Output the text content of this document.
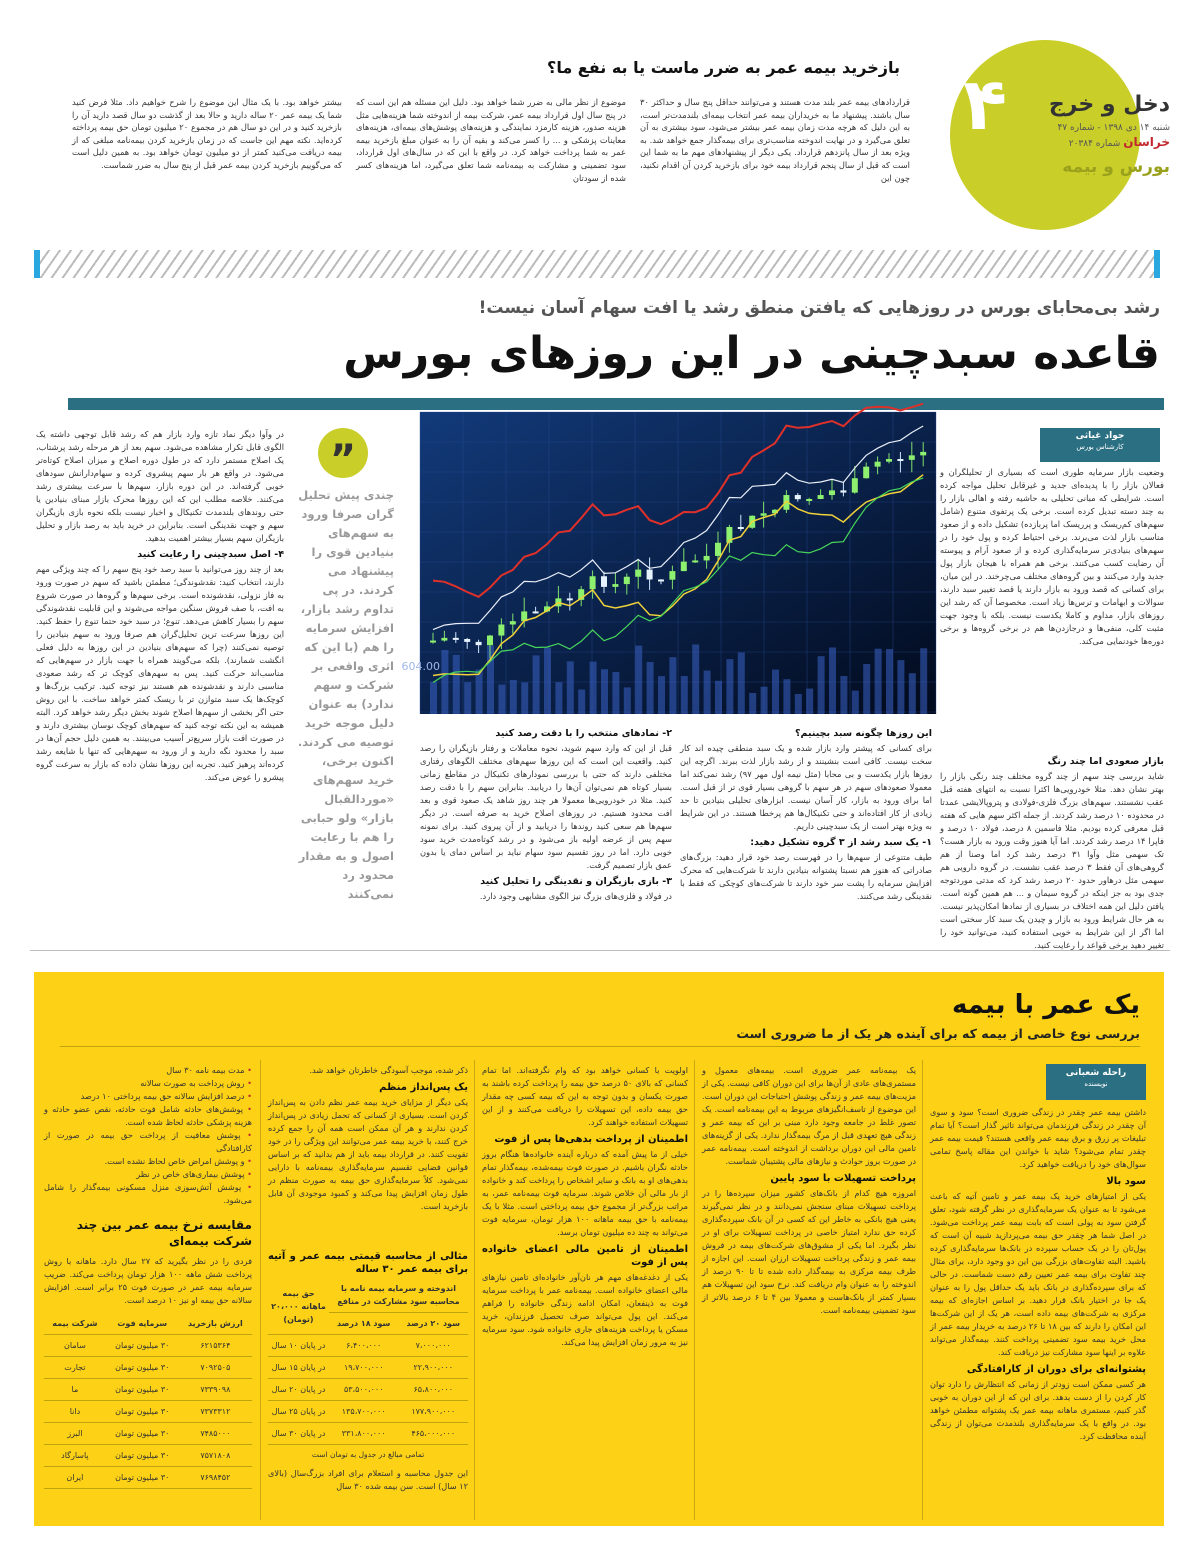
۴	دخل و خرج
شنبه ۱۴ دی ۱۳۹۸ - شماره ۴۷
خراسان شماره ۲۰۳۸۴
بورس و بیمه
بازخرید بیمه عمر به ضرر ماست یا به نفع ما؟
قراردادهای بیمه عمر بلند مدت هستند و می‌توانند حداقل پنج سال و حداکثر ۳۰ سال باشند. پیشنهاد ما به خریداران بیمه عمر انتخاب بیمه‌ای بلندمدت‌تر است، به این دلیل که هرچه مدت زمان بیمه عمر بیشتر می‌شود، سود بیشتری به آن تعلق می‌گیرد و در نهایت اندوخته مناسب‌تری برای بیمه‌گذار جمع خواهد شد. به ویژه بعد از سال پانزدهم قرارداد. یکی دیگر از پیشنهادهای مهم ما به شما این است که قبل از سال پنجم قرارداد بیمه خود برای بازخرید کردن آن اقدام نکنید، چون این
موضوع از نظر مالی به ضرر شما خواهد بود. دلیل این مسئله هم این است که در پنج سال اول قرارداد بیمه عمر، شرکت بیمه از اندوخته شما هزینه‌هایی مثل هزینه صدور، هزینه کارمزد نمایندگی و هزینه‌های پوشش‌های بیمه‌ای، هزینه‌های معاینات پزشکی و ... را کسر می‌کند و بقیه آن را به عنوان مبلغ بازخرید بیمه عمر به شما پرداخت خواهد کرد. در واقع با این که در سال‌های اول قرارداد، سود تضمینی و مشارکت به بیمه‌نامه شما تعلق می‌گیرد، اما هزینه‌های کسر شده از سودتان
بیشتر خواهد بود. با یک مثال این موضوع را شرح خواهیم داد. مثلا فرض کنید شما یک بیمه عمر ۲۰ ساله دارید و حالا بعد از گذشت دو سال قصد دارید آن را بازخرید کنید و در این دو سال هم در مجموع ۲۰ میلیون تومان حق بیمه پرداخته کرده‌اید. نکته مهم این جاست که در زمان بازخرید کردن بیمه‌نامه مبلغی که از بیمه دریافت می‌کنید کمتر از دو میلیون تومان خواهد بود. به همین دلیل است که می‌گوییم بازخرید کردن بیمه عمر قبل از پنج سال به ضرر شماست.
رشد بی‌محابای بورس در روزهایی که یافتن منطق رشد یا افت سهام آسان نیست!
قاعده سبدچینی در این روزهای بورس
جواد غیاثی
کارشناس بورس
وضعیت بازار سرمایه طوری است که بسیاری از تحلیلگران و فعالان بازار را با پدیده‌ای جدید و غیرقابل تحلیل مواجه کرده است. شرایطی که مبانی تحلیلی به حاشیه رفته و اهالی بازار را به چند دسته تبدیل کرده است. برخی یک پرتفوی متنوع (شامل سهم‌های کم‌ریسک و پرریسک اما پربازده) تشکیل داده و از صعود مناسب بازار لذت می‌برند. برخی احتیاط کرده و پول خود را در سهم‌های بنیادی‌تر سرمایه‌گذاری کرده و از صعود آرام و پیوسته آن رضایت کسب می‌کنند. برخی هم همراه با هیجان بازار پول جدید وارد می‌کنند و بین گروه‌های مختلف می‌چرخند. در این میان، برای کسانی که قصد ورود به بازار دارند یا قصد تغییر سبد دارند، سوالات و ابهامات و ترس‌ها زیاد است. مخصوصا آن که رشد این روزهای بازار، مداوم و کاملا یکدست نیست. بلکه با وجود جهت مثبت کلی، منفی‌ها و درجا‌زدن‌ها هم در برخی گروه‌ها و برخی دوره‌ها خودنمایی می‌کند.
بازار صعودی اما چند رنگ
شاید بررسی چند سهم از چند گروه مختلف چند رنگی بازار را بهتر نشان دهد. مثلا خودرویی‌ها اکثرا نسبت به انتهای هفته قبل عقب نشستند. سهم‌های بزرگ فلزی-فولادی و پتروپالایشی عمدتا در محدوده ۱۰ درصد رشد کردند. از جمله اکثر سهم هایی که هفته قبل معرفی کرده بودیم. مثلا فاسمین ۸ درصد، فولاد ۱۰ درصد و فاپرا ۱۴ درصد رشد کردند. اما آیا هنوز وقت ورود به بازار هست؟ تک سهمی مثل وآوا ۳۱ درصد رشد کرد اما وصنا از هم گروهی‌های آن فقط ۳ درصد عقب نشست. در گروه دارویی هم سهمی مثل درهاور حدود ۲۰ درصد رشد کرد که مدتی موردتوجه جدی بود به جز اینکه در گروه سیمان و ... هم همین گونه است. یافتن دلیل این همه اختلاف در بسیاری از نمادها امکان‌پذیر نیست. به هر حال شرایط ورود به بازار و چیدن یک سبد کار سختی است اما اگر از این شرایط به خوبی استفاده کنید، می‌توانید خود را تغییر دهید برخی قواعد را رعایت کنید.
604.00
این روزها چگونه سبد بچینیم؟
برای کسانی که پیشتر وارد بازار شده و یک سبد منطقی چیده اند کار سخت نیست. کافی است بنشینند و از رشد بازار لذت ببرند. اگرچه این روزها بازار یکدست و بی محابا (مثل نیمه اول مهر ۹۷) رشد نمی‌کند اما معمولا صعودهای سهم در هر سهم با گروهی بسیار قوی تر از قبل است. اما برای ورود به بازار، کار آسان نیست. ابزارهای تحلیلی بنیادین تا حد زیادی از کار افتاده‌اند و حتی تکنیکال‌ها هم پرخطا هستند. در این شرایط به ویژه بهتر است از یک سبدچینی داریم.
۱- یک سبد رشد از ۳ گروه تشکیل دهید:
طیف متنوعی از سهم‌ها را در فهرست رصد خود قرار دهید: بزرگ‌های صادراتی که هنوز هم نسبتا پشتوانه بنیادین دارند تا شرکت‌هایی که محرک افزایش سرمایه را پشت سر خود دارند تا شرکت‌های کوچکی که فقط با نقدینگی رشد می‌کنند.
۲- نمادهای منتخب را با دقت رصد کنید
قبل از این که وارد سهم شوید، نحوه معاملات و رفتار بازیگران را رصد کنید. واقعیت این است که این روزها سهم‌های مختلف الگوهای رفتاری مختلفی دارند که حتی با بررسی نمودارهای تکنیکال در مقاطع زمانی بسیار کوتاه هم نمی‌توان آن‌ها را دریابید. بنابراین سهم را با دقت رصد کنید. مثلا در خودرویی‌ها معمولا هر چند روز شاهد یک صعود قوی و بعد افت محدود هستیم. در روزهای اصلاح خرید به صرفه است. در دیگر سهم‌ها هم سعی کنید روندها را دریابید و از آن پیروی کنید. برای نمونه سهم پس از عرضه اولیه باز می‌شود و در رشد کوتاه‌مدت خرید سود خوبی دارد. اما در روز تقسیم سود سهام نباید بر اساس دمای یا بدون عمق بازار تصمیم گرفت.
۳- بازی بازیگران و نقدینگی را تحلیل کنید
در فولاد و فلزی‌های بزرگ نیز الگوی مشابهی وجود دارد.
”
چندی پیش تحلیل گران صرفا ورود به سهم‌های بنیادین قوی را پیشنهاد می کردند. در پی تداوم رشد بازار، افزایش سرمایه را هم (با این که اثری واقعی بر شرکت و سهم ندارد) به عنوان دلیل موجه خرید توصیه می کردند. اکنون برخی، خرید سهم‌های «موردالقبال بازار» ولو حبابی را هم با رعایت اصول و به مقدار محدود رد نمی‌کنند
در وآوا دیگر نماد تازه وارد بازار هم که رشد قابل توجهی داشته یک الگوی قابل تکرار مشاهده می‌شود. سهم بعد از هر مرحله رشد پرشتاب، یک اصلاح مستمر دارد که در طول دوره اصلاح و میزان اصلاح کوتاه‌تر می‌شود. در واقع هر بار سهم پیشروی کرده و سهام‌دارانش سودهای خوبی گرفته‌اند. در این دوره بازار، سهم‌ها با سرعت بیشتری رشد می‌کنند. خلاصه مطلب این که این روزها محرک بازار مبنای بنیادین یا حتی روندهای بلندمدت تکنیکال و اخبار نیست بلکه نحوه بازی بازیگران سهم و جهت نقدینگی است. بنابراین در خرید باید به رصد بازار و تحلیل بازیگران سهم بسیار بیشتر اهمیت بدهید.
۴- اصل سبدچینی را رعایت کنید
بعد از چند روز می‌توانید با سبد رصد خود پنج سهم را که چند ویژگی مهم دارند، انتخاب کنید: نقدشوندگی؛ مطمئن باشید که سهم در صورت ورود به فاز نزولی، نقدشونده است. برخی سهم‌ها و گروه‌ها در صورت شروع به افت، با صف فروش سنگین مواجه می‌شوند و این قابلیت نقدشوندگی سهم را بسیار کاهش می‌دهد. تنوع؛ در سبد خود حتما تنوع را حفظ کنید. این روزها سرعت ترین تحلیل‌گران هم صرفا ورود به سهم بنیادین را توصیه نمی‌کنند (چرا که سهم‌های بنیادین در این روزها به دلیل فعلی انگشت شمارند). بلکه می‌گویند همراه با جهت بازار در سهم‌هایی که مناسب‌اند حرکت کنید. پس به سهم‌های کوچک تر که رشد صعودی مناسبی دارند و نقدشونده هم هستند نیز توجه کنید. ترکیب بزرگ‌ها و کوچک‌ها یک سبد متوازن تر با ریسک کمتر خواهد ساخت. با این روش حتی اگر بخشی از سهم‌ها اصلاح شوند بخش دیگر رشد خواهد کرد. البته همیشه به این نکته توجه کنید که سهم‌های کوچک نوسان بیشتری دارند و در صورت افت بازار سریع‌تر آسیب می‌بینند. به همین دلیل حجم آن‌ها در سبد را محدود نگه دارید و از ورود به سهم‌هایی که تنها با شایعه رشد کرده‌اند پرهیز کنید. تجربه این روزها نشان داده که بازار به سرعت گروه پیشرو را عوض می‌کند.
یک عمر با بیمه
بررسی نوع خاصی از بیمه که برای آینده هر یک از ما ضروری است
راحله شعبانی
نویسنده
داشتن بیمه عمر چقدر در زندگی ضروری است؟ سود و سوی آن چقدر در زندگی فرزندمان می‌تواند تاثیر گذار است؟ آیا تمام تبلیغات پر زرق و برق بیمه عمر واقعی هستند؟ قیمت بیمه عمر چقدر تمام می‌شود؟ شاید با خواندن این مقاله پاسخ تمامی سوال‌های خود را دریافت خواهید کرد.
سود بالا
یکی از امتیازهای خرید یک بیمه عمر و تامین آتیه که باعث می‌شود تا به عنوان یک سرمایه‌گذاری در نظر گرفته شود، تعلق گرفتن سود به پولی است که بابت بیمه عمر پرداخت می‌شود. در اصل شما هر چقدر حق بیمه می‌پردازید شبیه آن است که پول‌تان را در یک حساب سپرده در بانک‌ها سرمایه‌گذاری کرده باشید. البته تفاوت‌های بزرگی بین این دو وجود دارد، برای مثال چند تفاوت برای بیمه عمر تعیین رقم دست شماست. در حالی که برای سپرده‌گذاری در بانک باید یک حداقل پول را به عنوان یک جا در اختیار بانک قرار دهید. بر اساس اجازه‌ای که بیمه مرکزی به شرکت‌های بیمه داده است، هر یک از این شرکت‌ها این امکان را دارند که بین ۱۸ تا ۲۶ درصد به خریدار بیمه عمر از محل خرید بیمه سود تضمینی پرداخت کنند. بیمه‌گذار می‌تواند علاوه بر اینها سود مشارکت نیز دریافت کند.
پشتوانه‌ای برای دوران از کارافتادگی
هر کسی ممکن است زودتر از زمانی که انتظارش را دارد توان کار کردن را از دست بدهد. برای این که از این دوران به خوبی گذر کنیم، مستمری ماهانه بیمه عمر یک پشتوانه مطمئن خواهد بود. در واقع با یک سرمایه‌گذاری بلندمدت می‌توان از زندگی آینده محافظت کرد.
یک بیمه‌نامه عمر ضروری است. بیمه‌های معمول و مستمری‌های عادی از آن‌ها برای این دوران کافی نیست. یکی از مزیت‌های بیمه عمر و زندگی پوشش احتیاجات این دوران است. این موضوع از تاسف‌انگیزهای مربوط به این بیمه‌نامه است. یک تصور غلط در جامعه وجود دارد مبنی بر این که بیمه عمر و زندگی هیچ تعهدی قبل از مرگ بیمه‌گذار ندارد. یکی از گزینه‌های تامین مالی این دوران برداشت از اندوخته است. بیمه‌نامه عمر در صورت بروز حوادث و نیازهای مالی پشتیبان شماست.
پرداخت تسهیلات با سود پایین
امروزه هیچ کدام از بانک‌های کشور میزان سپرده‌ها را در پرداخت تسهیلات مبنای سنجش نمی‌دانند و در نظر نمی‌گیرند یعنی هیچ بانکی به خاطر این که کسی در آن بانک سپرده‌گذاری کرده حق ندارد امتیاز خاصی در پرداخت تسهیلات برای او در نظر بگیرد. اما یکی از مشوق‌های شرکت‌های بیمه در فروش بیمه عمر و زندگی پرداخت تسهیلات ارزان است. این اجازه از طرف بیمه مرکزی به بیمه‌گذار داده شده تا تا ۹۰ درصد از اندوخته را به عنوان وام دریافت کند. نرخ سود این تسهیلات هم بسیار کمتر از بانک‌هاست و معمولا بین ۴ تا ۶ درصد بالاتر از سود تضمینی بیمه‌نامه است.
اولویت با کسانی خواهد بود که وام نگرفته‌اند. اما تمام کسانی که بالای ۵۰ درصد حق بیمه را پرداخت کرده باشند به صورت یکسان و بدون توجه به این که بیمه کسی چه مقدار حق بیمه داده، این تسهیلات را دریافت می‌کنند و از این تسهیلات استفاده خواهند کرد.
اطمینان از پرداخت بدهی‌ها پس از فوت
خیلی از ما پیش آمده که درباره آینده خانواده‌ها هنگام بروز حادثه نگران باشیم. در صورت فوت بیمه‌شده، بیمه‌گذار تمام بدهی‌های او به بانک و سایر اشخاص را پرداخت کند و خانواده از بار مالی آن خلاص شوند. سرمایه فوت بیمه‌نامه عمر، به مراتب بزرگ‌تر از مجموع حق بیمه پرداختی است. مثلا با یک بیمه‌نامه با حق بیمه ماهانه ۱۰۰ هزار تومان، سرمایه فوت می‌تواند به چند ده میلیون تومان برسد.
اطمینان از تامین مالی اعضای خانواده پس از فوت
یکی از دغدغه‌های مهم هر نان‌آور خانواده‌ای تامین نیازهای مالی اعضای خانواده است. بیمه‌نامه عمر با پرداخت سرمایه فوت به ذینفعان، امکان ادامه زندگی خانواده را فراهم می‌کند. این پول می‌تواند صرف تحصیل فرزندان، خرید مسکن یا پرداخت هزینه‌های جاری خانواده شود. سود سرمایه نیز به مرور زمان افزایش پیدا می‌کند.
ذکر شده، موجب آسودگی خاطرتان خواهد شد.
یک پس‌انداز منظم
یکی دیگر از مزایای خرید بیمه عمر نظم دادن به پس‌انداز کردن است. بسیاری از کسانی که تحمل زیادی در پس‌انداز کردن ندارند و هر آن ممکن است همه آن را جمع کرده خرج کنند، با خرید بیمه عمر می‌توانند این ویژگی را در خود تقویت کنند. در قرارداد بیمه باید از هم بدانید که بر اساس قوانین فضایی تقسیم سرمایه‌گذاری بیمه‌نامه با دارایی نمی‌شود. کلاً سرمایه‌گذاری حق بیمه به صورت منظم در طول زمان افزایش پیدا می‌کند و کمبود موجودی آن قابل بازخرید است.
مثالی از محاسبه قیمتی بیمه عمر و آتیه برای بیمه عمر ۳۰ ساله
اندوخته و سرمایه بیمه نامه با محاسبه سود مشارکت در منافع		حق بیمه ماهانه ۲۰،۰۰۰ (تومان)
سود ۲۰ درصد	سود ۱۸ درصد	
۷،۰۰۰،۰۰۰	۶،۴۰۰،۰۰۰	در پایان ۱۰ سال
۲۲،۹۰۰،۰۰۰	۱۹،۷۰۰،۰۰۰	در پایان ۱۵ سال
۶۵،۸۰۰،۰۰۰	۵۳،۵۰۰،۰۰۰	در پایان ۲۰ سال
۱۷۷،۹۰۰،۰۰۰	۱۳۵،۷۰۰،۰۰۰	در پایان ۲۵ سال
۴۶۵،۰۰۰،۰۰۰	۳۳۱،۸۰۰،۰۰۰	در پایان ۳۰ سال
تمامی مبالغ در جدول به تومان است
این جدول محاسبه و استعلام برای افراد بزرگ‌سال (بالای ۱۲ سال) است. سن بیمه شده ۳۰ سال
• مدت بیمه نامه ۳۰ سال
• روش پرداخت به صورت سالانه
• درصد افزایش سالانه حق بیمه پرداختی ۱۰ درصد
• پوشش‌های حادثه شامل فوت حادثه، نقص عضو حادثه و هزینه پزشکی حادثه لحاظ شده است.
• پوشش معافیت از پرداخت حق بیمه در صورت از کارافتادگی
• و پوشش امراض خاص لحاظ نشده است.
• پوشش بیماری‌های خاص در نظر
• پوشش آتش‌سوزی منزل مسکونی بیمه‌گذار را شامل می‌شود.
مقایسه نرخ بیمه عمر بین چند شرکت بیمه‌ای
فردی را در نظر بگیرید که ۲۷ سال دارد. ماهانه با روش پرداخت شش ماهه ۱۰۰ هزار تومان پرداخت می‌کند. ضریب سرمایه بیمه عمر در صورت فوت ۲۵ برابر است. افزایش سالانه حق بیمه او نیز ۱۰ درصد است.
ارزش بازخرید	سرمایه فوت	شرکت بیمه
۶۲۱۵۳۶۴	۳۰ میلیون تومان	سامان
۷۰۹۲۵۰۵	۳۰ میلیون تومان	تجارت
۷۳۳۹۰۹۸	۳۰ میلیون تومان	ما
۷۳۷۳۳۱۲	۳۰ میلیون تومان	دانا
۷۴۸۵۰۰۰	۳۰ میلیون تومان	البرز
۷۵۷۱۸۰۸	۳۰ میلیون تومان	پاسارگاد
۷۶۹۸۴۵۲	۳۰ میلیون تومان	ایران
